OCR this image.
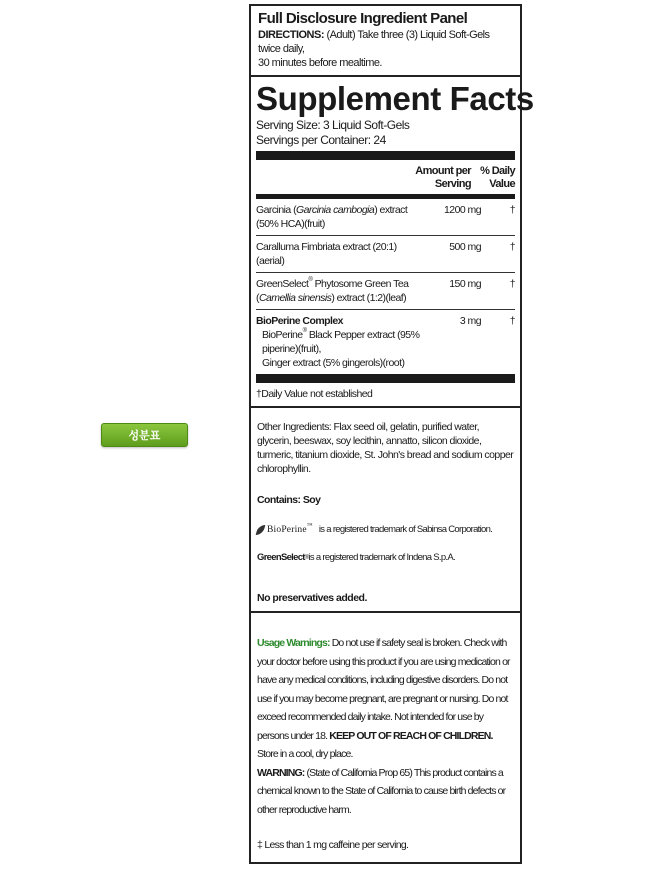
성분표
Full Disclosure Ingredient Panel
DIRECTIONS: (Adult) Take three (3) Liquid Soft-Gels twice daily,
30 minutes before mealtime.
Supplement Facts
Serving Size: 3 Liquid Soft-Gels
Servings per Container: 24
Amount per
Serving
% Daily
Value
Garcinia (Garcinia cambogia) extract
(50% HCA)(fruit)
1200 mg	†
Caralluma Fimbriata extract (20:1)(aerial)
500 mg	†
GreenSelect® Phytosome Green Tea
(Camellia sinensis) extract (1:2)(leaf)
150 mg	†
BioPerine Complex

BioPerine® Black Pepper extract (95% piperine)(fruit),
Ginger extract (5% gingerols)(root)
3 mg	†
†Daily Value not established
Other Ingredients: Flax seed oil, gelatin, purified water, glycerin, beeswax, soy lecithin, annatto, silicon dioxide, turmeric, titanium dioxide, St. John's bread and sodium copper chlorophyllin.
Contains: Soy
BioPerine™ is a registered trademark of Sabinsa Corporation.
GreenSelect ® is a registered trademark of Indena S.p.A.
No preservatives added.
Usage Warnings: Do not use if safety seal is broken. Check with your doctor before using this product if you are using medication or have any medical conditions, including digestive disorders. Do not use if you may become pregnant, are pregnant or nursing. Do not exceed recommended daily intake. Not intended for use by persons under 18. KEEP OUT OF REACH OF CHILDREN. Store in a cool, dry place.
WARNING: (State of California Prop 65) This product contains a chemical known to the State of California to cause birth defects or other reproductive harm.
‡ Less than 1 mg caffeine per serving.
